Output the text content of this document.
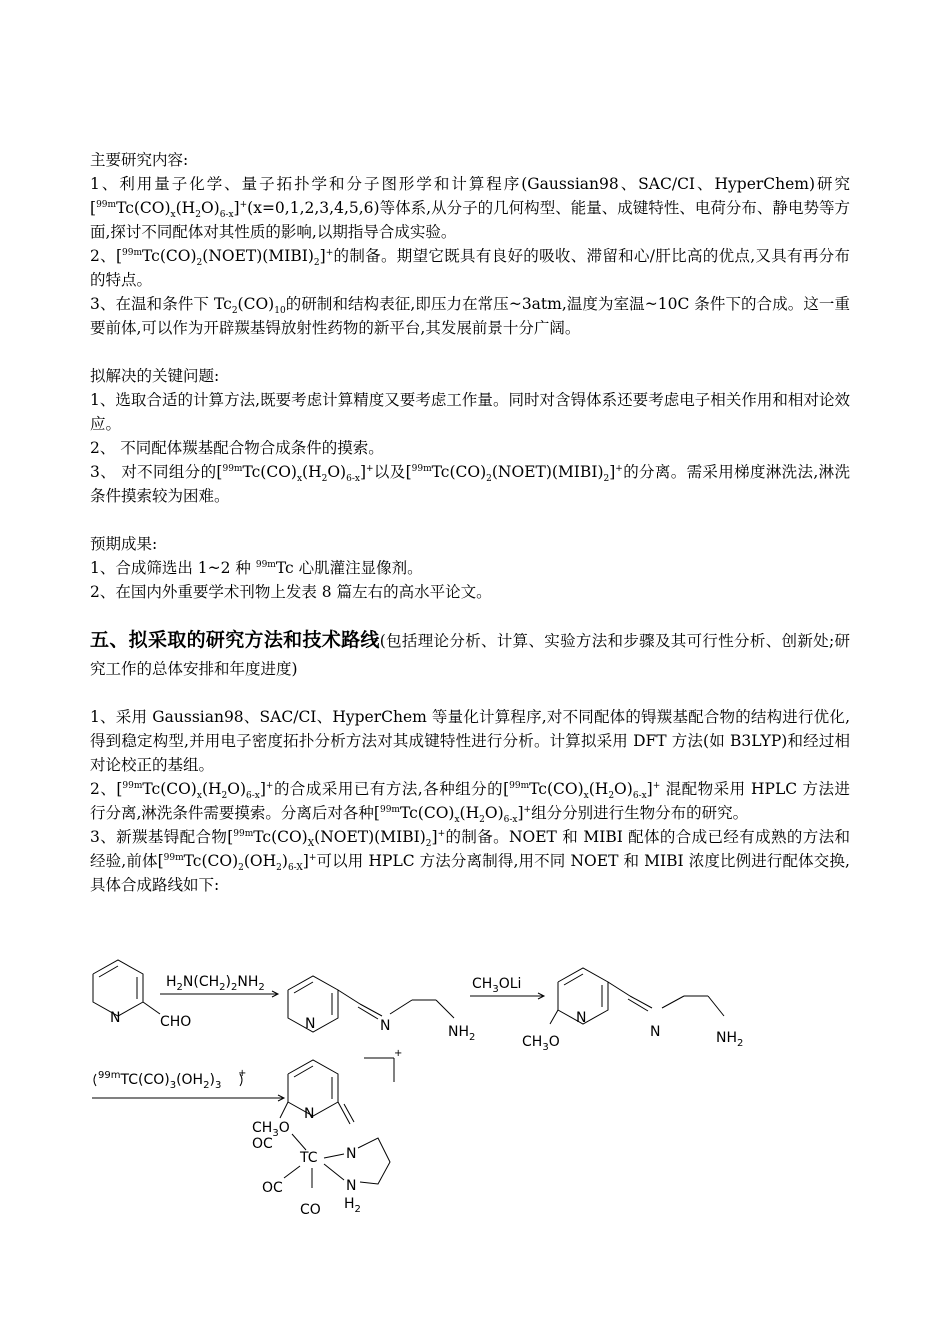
主要研究内容:

1、利用量子化学、量子拓扑学和分子图形学和计算程序(Gaussian98、SAC/CI、HyperChem)研究$[^{99m}Tc(CO)_x(H_2O)_{6-x}]^+(x=0,1,2,3,4,5,6)$等体系,从分子的几何构型、能量、成键特性、电荷分布、静电势等方面,探讨不同配体对其性质的影响,以期指导合成实验。

2、$[^{99m}Tc(CO)_2(NOET)(MIBI)_2]^+$的制备。期望它既具有良好的吸收、滞留和心/肝比高的优点,又具有再分布的特点。

3、在温和条件下 $Tc_2(CO)_{10}$的研制和结构表征,即压力在常压~3atm,温度为室温~10C 条件下的合成。这一重要前体,可以作为开辟羰基锝放射性药物的新平台,其发展前景十分广阔。

拟解决的关键问题:

1、选取合适的计算方法,既要考虑计算精度又要考虑工作量。同时对含锝体系还要考虑电子相关作用和相对论效应。

2、 不同配体羰基配合物合成条件的摸索。

3、 对不同组分的$[^{99m}Tc(CO)_x(H_2O)_{6-x}]^+$以及$[^{99m}Tc(CO)_2(NOET)(MIBI)_2]^+$的分离。需采用梯度淋洗法,淋洗条件摸索较为困难。

预期成果:

1、合成筛选出 1~2 种 $^{99m}$Tc 心肌灌注显像剂。

2、在国内外重要学术刊物上发表 8 篇左右的高水平论文。

五、拟采取的研究方法和技术路线(包括理论分析、计算、实验方法和步骤及其可行性分析、创新处;研究工作的总体安排和年度进度)

1、采用 Gaussian98、SAC/CI、HyperChem 等量化计算程序,对不同配体的锝羰基配合物的结构进行优化,得到稳定构型,并用电子密度拓扑分析方法对其成键特性进行分析。计算拟采用 DFT 方法(如 B3LYP)和经过相对论校正的基组。

2、$[^{99m}Tc(CO)_x(H_2O)_{6-x}]^+$的合成采用已有方法,各种组分的$[^{99m}Tc(CO)_x(H_2O)_{6-x}]^+$ 混配物采用 HPLC 方法进行分离,淋洗条件需要摸索。分离后对各种$[^{99m}Tc(CO)_x(H_2O)_{6-x}]^+$组分分别进行生物分布的研究。

3、新羰基锝配合物$[^{99m}Tc(CO)_X(NOET)(MIBI)_2]^+$的制备。NOET 和 MIBI 配体的合成已经有成熟的方法和经验,前体$[^{99m}Tc(CO)_2(OH_2)_{6-X}]^+$可以用 HPLC 方法分离制得,用不同 NOET 和 MIBI 浓度比例进行配体交换,具体合成路线如下:

N	CHO
$H_2N(CH_2)_2NH_2$
N	N	$NH_2$
$CH_3OLi$
N
N	$NH_2$
$CH_3O$
$^{99m}TC(CO)_3(OH_2)_3$
+
+
N
$CH_3O$
TC N
N
$H_2$
OC
OC
CO
